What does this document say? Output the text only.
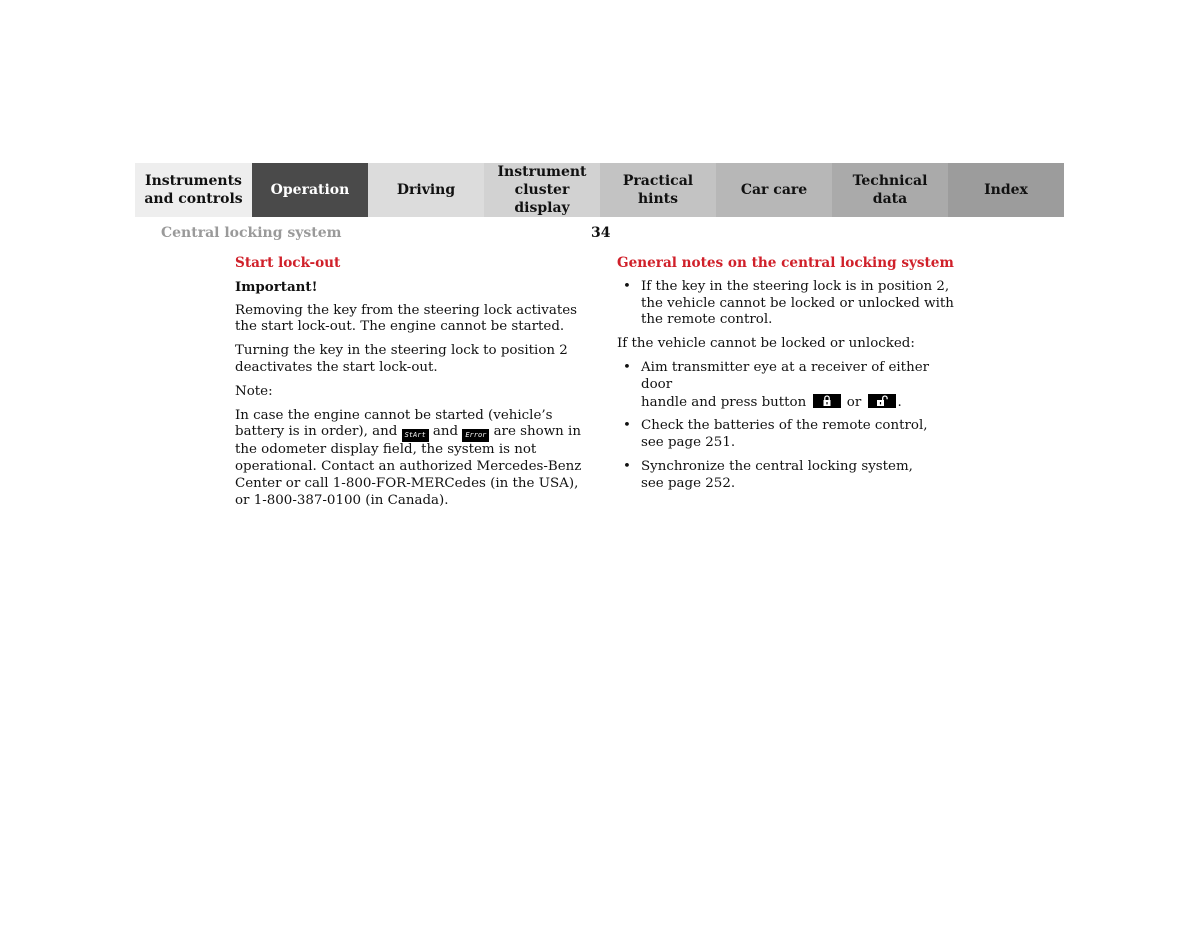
Instruments
and controls
Operation	Driving
Instrument
cluster display
Practical hints
Car care
Technical
data
Index
Central locking system	34
Start lock-out
Important!

Removing the key from the steering lock activates the start lock-out. The engine cannot be started.

Turning the key in the steering lock to position 2 deactivates the start lock-out.

Note:

In case the engine cannot be started (vehicle’s battery is in order), and StArt and Error are shown in the odometer display field, the system is not operational. Contact an authorized Mercedes-Benz Center or call 1-800-FOR-MERCedes (in the USA), or 1-800-387-0100 (in Canada).

General notes on the central locking system
• If the key in the steering lock is in position 2, the vehicle cannot be locked or unlocked with the remote control.

If the vehicle cannot be locked or unlocked:

• Aim transmitter eye at a receiver of either door
handle and press button	or	.
• Check the batteries of the remote control,
see page 251.
• Synchronize the central locking system,
see page 252.
